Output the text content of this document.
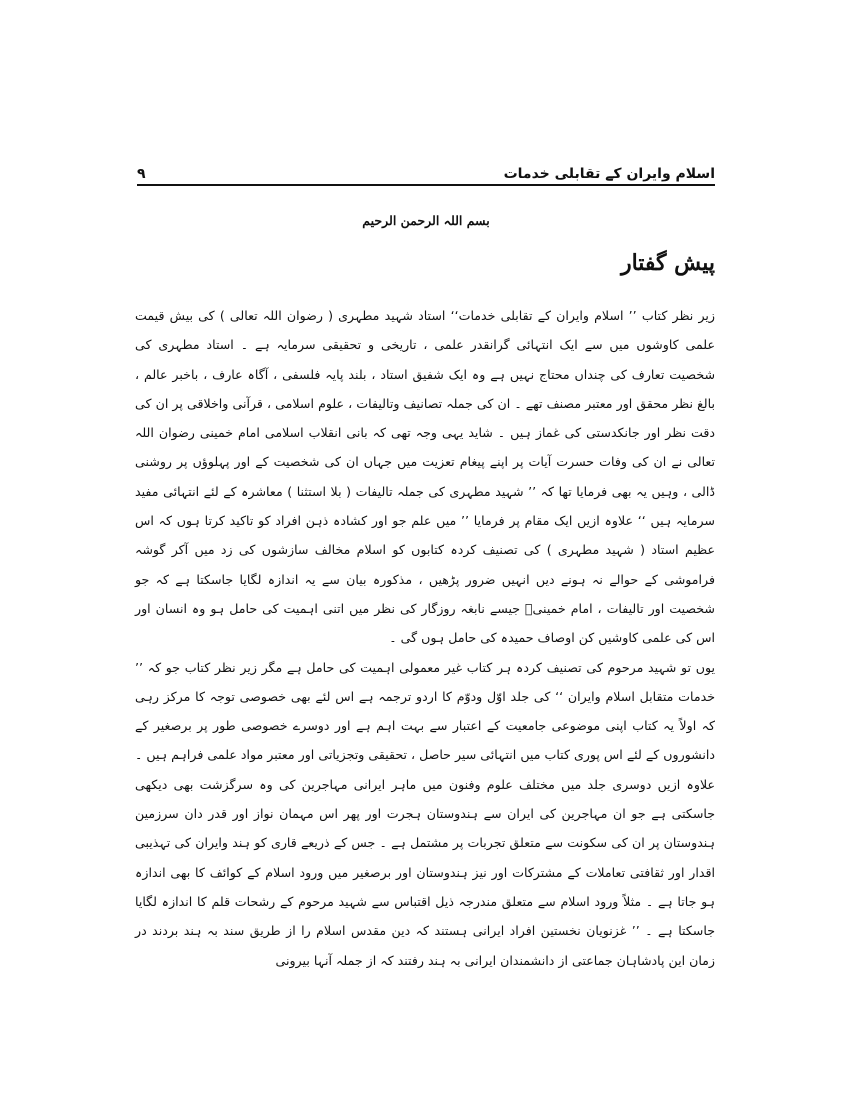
اسلام وایران کے تقابلی خدمات
۹
بسم اللہ الرحمن الرحیم
پیش گفتار

زیر نظر کتاب ’’ اسلام وایران کے تقابلی خدمات‘‘ استاد شہید مطہری ( رضوان اللہ تعالی ) کی بیش قیمت علمی کاوشوں میں سے ایک انتہائی گرانقدر علمی ، تاریخی و تحقیقی سرمایہ ہے ۔ استاد مطہری کی شخصیت تعارف کی چنداں محتاج نہیں ہے وہ ایک شفیق استاد ، بلند پایہ فلسفی ، آگاہ عارف ، باخبر عالم ، بالغ نظر محقق اور معتبر مصنف تھے ۔ ان کی جملہ تصانیف وتالیفات ، علوم اسلامی ، قرآنی واخلاقی پر ان کی دقت نظر اور جانکدستی کی غماز ہیں ۔ شاید یہی وجہ تھی کہ بانی انقلاب اسلامی امام خمینی رضوان اللہ تعالی نے ان کی وفات حسرت آیات پر اپنے پیغام تعزیت میں جہاں ان کی شخصیت کے اور پہلوؤں پر روشنی ڈالی ، وہیں یہ بھی فرمایا تھا کہ ’’ شہید مطہری کی جملہ تالیفات ( بلا استثنا ) معاشرہ کے لئے انتہائی مفید سرمایہ ہیں ‘‘ علاوہ ازیں ایک مقام پر فرمایا ’’ میں علم جو اور کشادہ ذہن افراد کو تاکید کرتا ہوں کہ اس عظیم استاد ( شہید مطہری ) کی تصنیف کردہ کتابوں کو اسلام مخالف سازشوں کی زد میں آکر گوشہ فراموشی کے حوالے نہ ہونے دیں انہیں ضرور پڑھیں ، مذکورہ بیان سے یہ اندازہ لگایا جاسکتا ہے کہ جو شخصیت اور تالیفات ، امام خمینیؒ جیسے نابغہ روزگار کی نظر میں اتنی اہمیت کی حامل ہو وہ انسان اور اس کی علمی کاوشیں کن اوصاف حمیدہ کی حامل ہوں گی ۔

یوں تو شہید مرحوم کی تصنیف کردہ ہر کتاب غیر معمولی اہمیت کی حامل ہے مگر زیر نظر کتاب جو کہ ’’ خدمات متقابل اسلام وایران ‘‘ کی جلد اوّل ودوّم کا اردو ترجمہ ہے اس لئے بھی خصوصی توجہ کا مرکز رہی کہ اولاً یہ کتاب اپنی موضوعی جامعیت کے اعتبار سے بہت اہم ہے اور دوسرے خصوصی طور پر برصغیر کے دانشوروں کے لئے اس پوری کتاب میں انتہائی سیر حاصل ، تحقیقی وتجزیاتی اور معتبر مواد علمی فراہم ہیں ۔ علاوہ ازیں دوسری جلد میں مختلف علوم وفنون میں ماہر ایرانی مہاجرین کی وہ سرگزشت بھی دیکھی جاسکتی ہے جو ان مہاجرین کی ایران سے ہندوستان ہجرت اور پھر اس مہمان نواز اور قدر دان سرزمین ہندوستان پر ان کی سکونت سے متعلق تجربات پر مشتمل ہے ۔ جس کے ذریعے قاری کو ہند وایران کی تہذیبی اقدار اور ثقافتی تعاملات کے مشترکات اور نیز ہندوستان اور برصغیر میں ورود اسلام کے کوائف کا بھی اندازہ ہو جاتا ہے ۔ مثلاً ورود اسلام سے متعلق مندرجہ ذیل اقتباس سے شہید مرحوم کے رشحات قلم کا اندازہ لگایا جاسکتا ہے ۔ ’’ غزنویان نخستین افراد ایرانی ہستند کہ دین مقدس اسلام را از طریق سند بہ ہند بردند در زمان این پادشاہان جماعتی از دانشمندان ایرانی بہ ہند رفتند کہ از جملہ آنہا بیرونی
